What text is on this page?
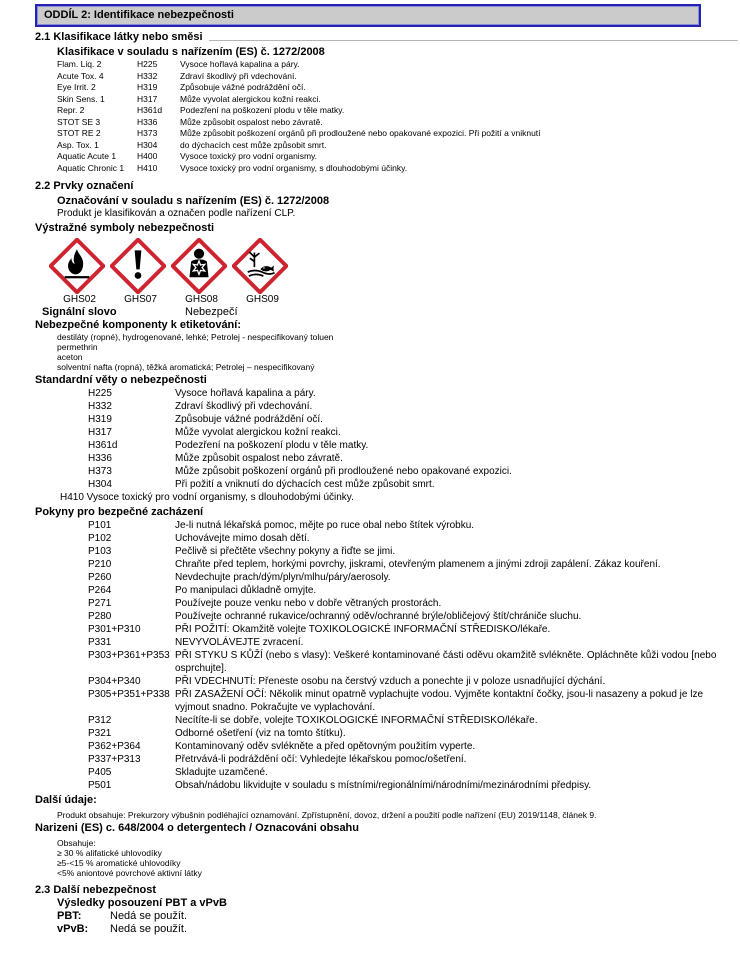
ODDÍL 2: Identifikace nebezpečnosti
2.1 Klasifikace látky nebo směsi
Klasifikace v souladu s nařízením (ES) č. 1272/2008
Flam. Liq. 2	H225	Vysoce hořlavá kapalina a páry.
Acute Tox. 4	H332	Zdraví škodlivý při vdechování.
Eye Irrit. 2	H319	Způsobuje vážné podráždění očí.
Skin Sens. 1	H317	Může vyvolat alergickou kožní reakci.
Repr. 2	H361d	Podezření na poškození plodu v těle matky.
STOT SE 3	H336	Může způsobit ospalost nebo závratě.
STOT RE 2	H373	Může způsobit poškození orgánů při prodloužené nebo opakované expozici. Při požití a vniknutí
Asp. Tox. 1	H304	do dýchacích cest může způsobit smrt.
Aquatic Acute 1	H400	Vysoce toxický pro vodní organismy.
Aquatic Chronic 1	H410	Vysoce toxický pro vodní organismy, s dlouhodobými účinky.
2.2 Prvky označení
Označování v souladu s nařízením (ES) č. 1272/2008
Produkt je klasifikován a označen podle nařízení CLP.
Výstražné symboly nebezpečnosti
GHS02	GHS07	GHS08	GHS09
Signální slovo	Nebezpečí
Nebezpečné komponenty k etiketování:
destiláty (ropné), hydrogenované, lehké; Petrolej - nespecifikovaný toluen
permethrin
aceton
solventní nafta (ropná), těžká aromatická; Petrolej – nespecifikovaný
Standardní věty o nebezpečnosti
H225	Vysoce hořlavá kapalina a páry.
H332	Zdraví škodlivý při vdechování.
H319	Způsobuje vážné podráždění očí.
H317	Může vyvolat alergickou kožní reakci.
H361d	Podezření na poškození plodu v těle matky.
H336	Může způsobit ospalost nebo závratě.
H373	Může způsobit poškození orgánů při prodloužené nebo opakované expozici.
H304	Při požití a vniknutí do dýchacích cest může způsobit smrt.
H410 Vysoce toxický pro vodní organismy, s dlouhodobými účinky.
Pokyny pro bezpečné zacházení
P101	Je-li nutná lékařská pomoc, mějte po ruce obal nebo štítek výrobku.
P102	Uchovávejte mimo dosah dětí.
P103	Pečlivě si přečtěte všechny pokyny a řiďte se jimi.
P210	Chraňte před teplem, horkými povrchy, jiskrami, otevřeným plamenem a jinými zdroji zapálení. Zákaz kouření.
P260	Nevdechujte prach/dým/plyn/mlhu/páry/aerosoly.
P264	Po manipulaci důkladně omyjte.
P271	Používejte pouze venku nebo v dobře větraných prostorách.
P280	Používejte ochranné rukavice/ochranný oděv/ochranné brýle/obličejový štít/chrániče sluchu.
P301+P310	PŘI POŽITÍ: Okamžitě volejte TOXIKOLOGICKÉ INFORMAČNÍ STŘEDISKO/lékaře.
P331	NEVYVOLÁVEJTE zvracení.
P303+P361+P353 PŘI STYKU S KŮŽÍ (nebo s vlasy): Veškeré kontaminované části oděvu okamžitě svlékněte. Opláchněte kůži vodou [nebo osprchujte].
P304+P340	PŘI VDECHNUTÍ: Přeneste osobu na čerstvý vzduch a ponechte ji v poloze usnadňující dýchání.
P305+P351+P338 PŘI ZASAŽENÍ OČÍ: Několik minut opatrně vyplachujte vodou. Vyjměte kontaktní čočky, jsou-li nasazeny a pokud je lze vyjmout snadno. Pokračujte ve vyplachování.
P312	Necítíte-li se dobře, volejte TOXIKOLOGICKÉ INFORMAČNÍ STŘEDISKO/lékaře.
P321	Odborné ošetření (viz na tomto štítku).
P362+P364	Kontaminovaný oděv svlékněte a před opětovným použitím vyperte.
P337+P313	Přetrvává-li podráždění očí: Vyhledejte lékařskou pomoc/ošetření.
P405	Skladujte uzamčené.
P501	Obsah/nádobu likvidujte v souladu s místními/regionálními/národními/mezinárodními předpisy.
Další údaje:
Produkt obsahuje: Prekurzory výbušnin podléhající oznamování. Zpřístupnění, dovoz, držení a použití podle nařízení (EU) 2019/1148, článek 9.
Narizeni (ES) c. 648/2004 o detergentech / Oznacováni obsahu
Obsahuje:
≥ 30 % alifatické uhlovodíky
≥5-<15 % aromatické uhlovodíky
<5% aniontové povrchové aktivní látky
2.3 Další nebezpečnost
Výsledky posouzení PBT a vPvB
PBT:	Nedá se použít.
vPvB:	Nedá se použít.
